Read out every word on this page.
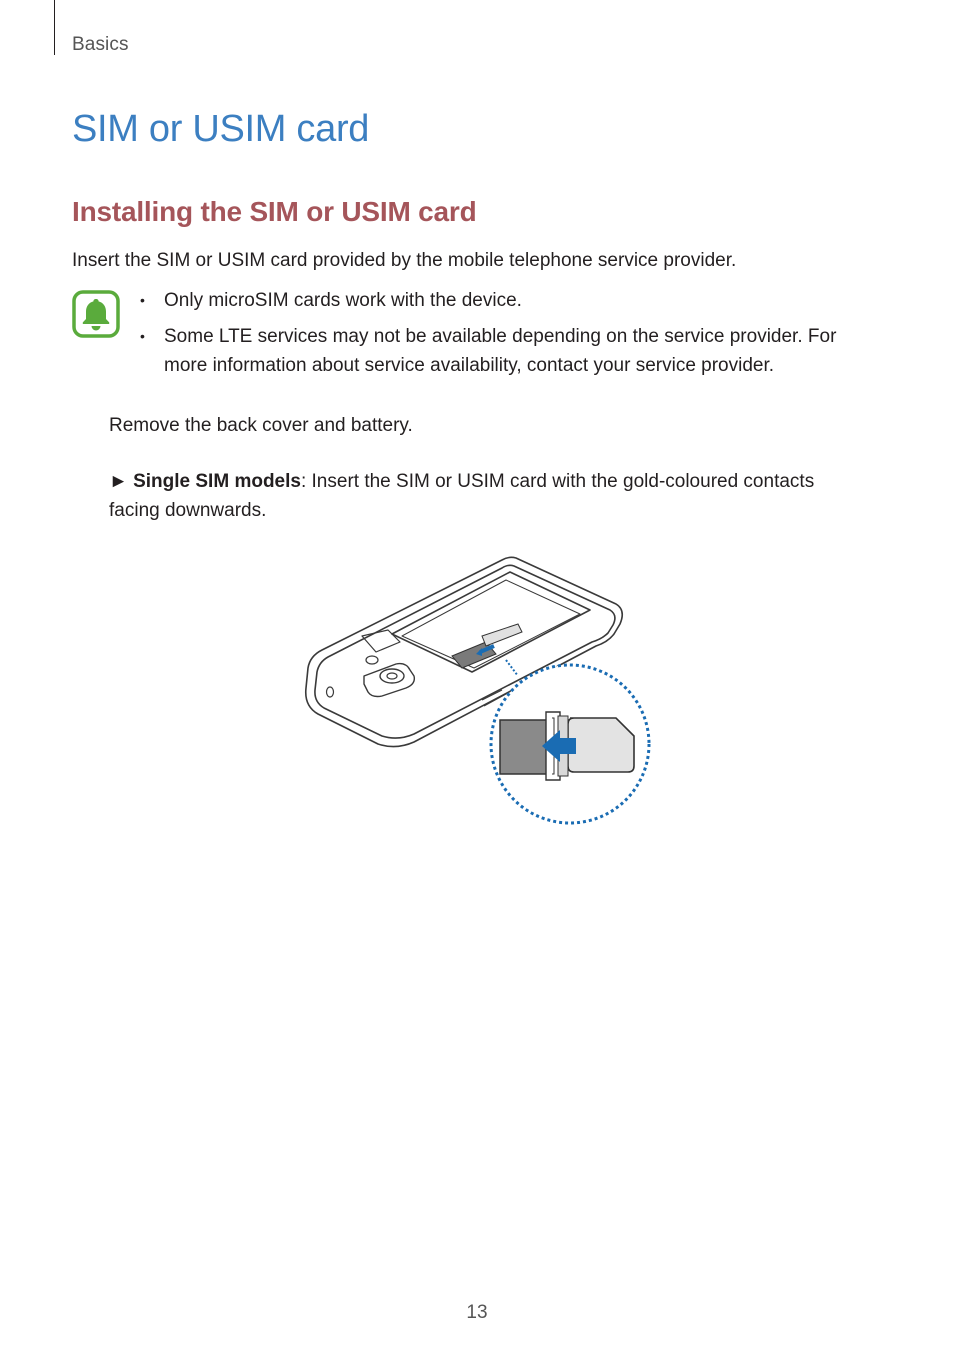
Basics
SIM or USIM card
Installing the SIM or USIM card
Insert the SIM or USIM card provided by the mobile telephone service provider.
• Only microSIM cards work with the device.
• Some LTE services may not be available depending on the service provider. For more information about service availability, contact your service provider.
Remove the back cover and battery.
► Single SIM models: Insert the SIM or USIM card with the gold-coloured contacts facing downwards.
13
